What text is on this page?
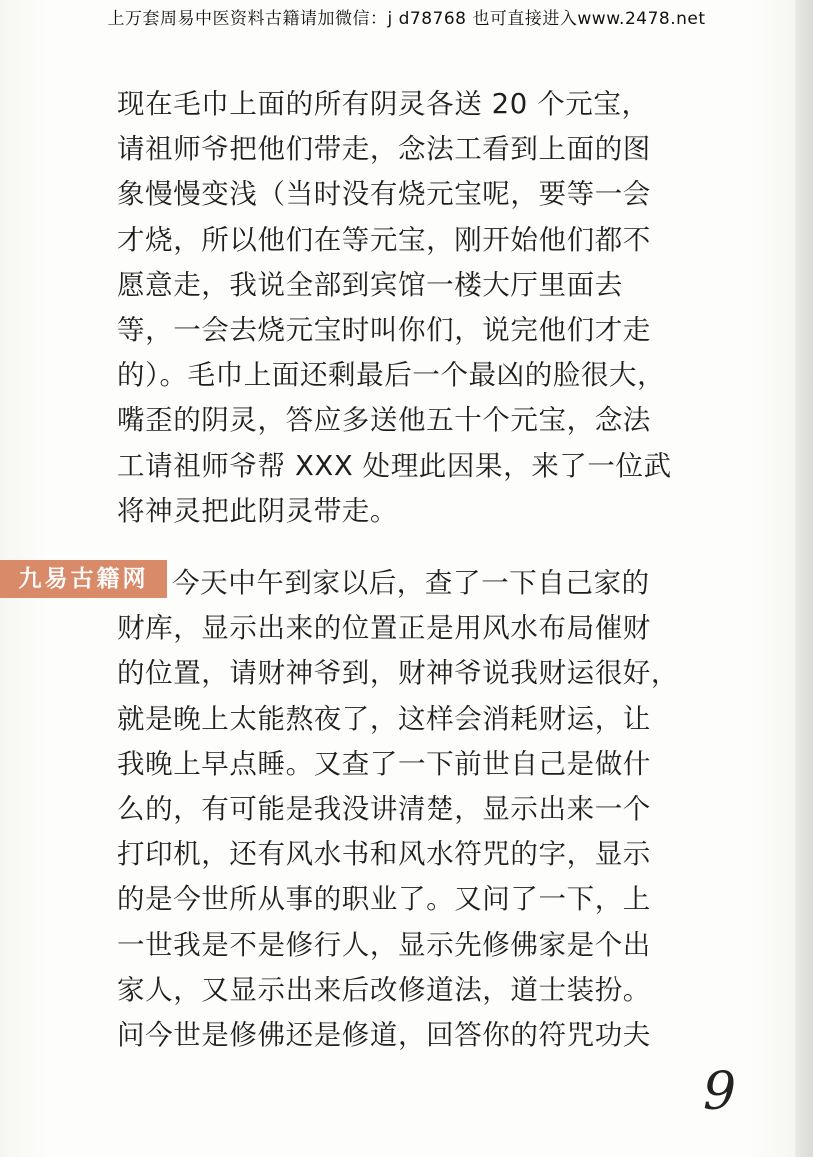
上万套周易中医资料古籍请加微信：j d78768 也可直接进入www.2478.net
现在毛巾上面的所有阴灵各送 20 个元宝，
请祖师爷把他们带走，念法工看到上面的图
象慢慢变浅（当时没有烧元宝呢，要等一会
才烧，所以他们在等元宝，刚开始他们都不
愿意走，我说全部到宾馆一楼大厅里面去
等，一会去烧元宝时叫你们，说完他们才走
的）。毛巾上面还剩最后一个最凶的脸很大，
嘴歪的阴灵，答应多送他五十个元宝，念法
工请祖师爷帮 XXX 处理此因果，来了一位武
将神灵把此阴灵带走。
九易古籍网 今天中午到家以后，查了一下自己家的
财库，显示出来的位置正是用风水布局催财
的位置，请财神爷到，财神爷说我财运很好，
就是晚上太能熬夜了，这样会消耗财运，让
我晚上早点睡。又查了一下前世自己是做什
么的，有可能是我没讲清楚，显示出来一个
打印机，还有风水书和风水符咒的字，显示
的是今世所从事的职业了。又问了一下，上
一世我是不是修行人，显示先修佛家是个出
家人，又显示出来后改修道法，道士装扮。
问今世是修佛还是修道，回答你的符咒功夫
9
